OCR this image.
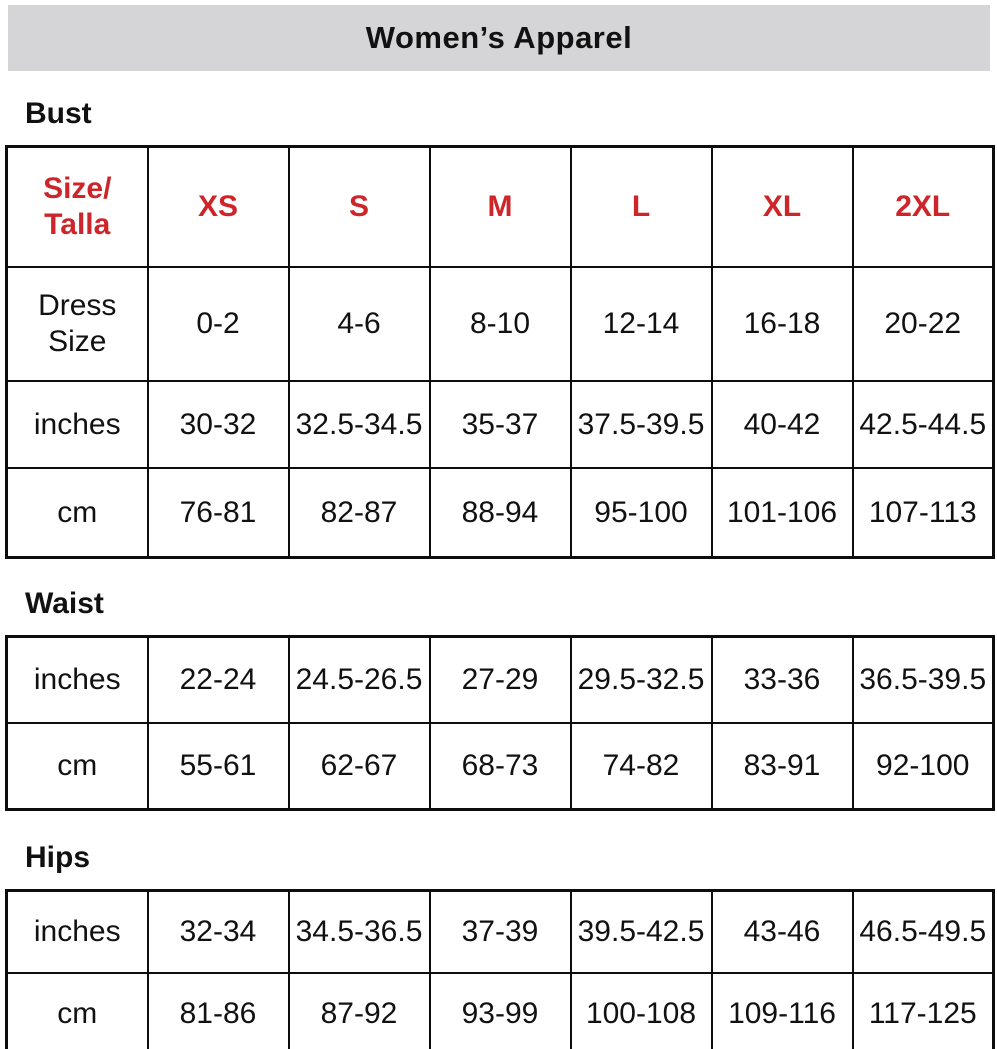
Women’s Apparel
Bust
Size/
Talla	XS	S	M	L	XL	2XL

Dress
Size	0-2	4-6	8-10	12-14	16-18	20-22
inches	30-32	32.5-34.5	35-37	37.5-39.5	40-42	42.5-44.5
cm	76-81	82-87	88-94	95-100	101-106	107-113
Waist
inches	22-24	24.5-26.5	27-29	29.5-32.5	33-36	36.5-39.5
cm	55-61	62-67	68-73	74-82	83-91	92-100
Hips
inches	32-34	34.5-36.5	37-39	39.5-42.5	43-46	46.5-49.5
cm	81-86	87-92	93-99	100-108	109-116	117-125
